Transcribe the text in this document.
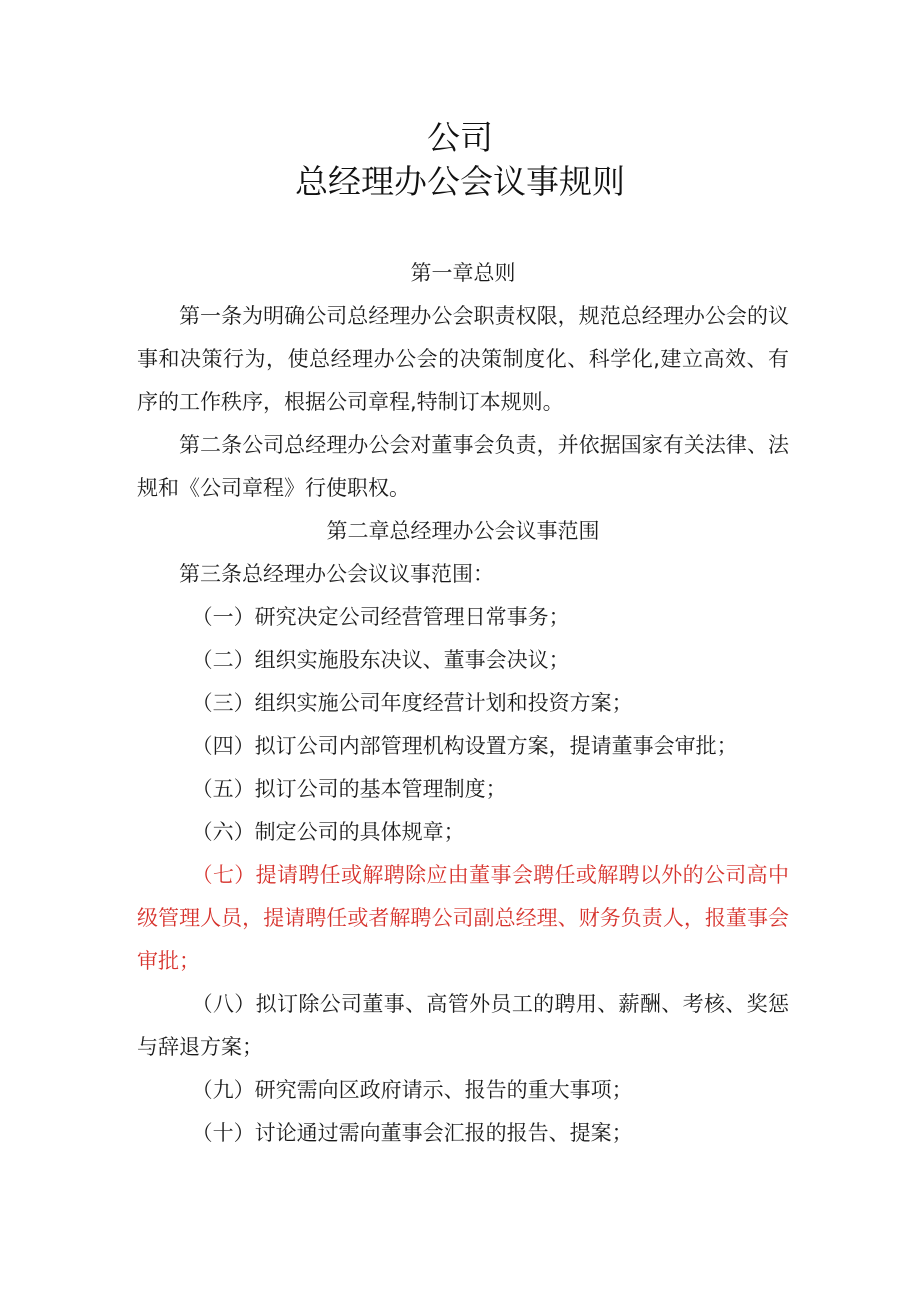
公司
总经理办公会议事规则
第一章总则
第一条为明确公司总经理办公会职责权限，规范总经理办公会的议事和决策行为，使总经理办公会的决策制度化、科学化,建立高效、有序的工作秩序，根据公司章程,特制订本规则。
第二条公司总经理办公会对董事会负责，并依据国家有关法律、法规和《公司章程》行使职权。
第二章总经理办公会议事范围
第三条总经理办公会议议事范围：
（一）研究决定公司经营管理日常事务；
（二）组织实施股东决议、董事会决议；
（三）组织实施公司年度经营计划和投资方案；
（四）拟订公司内部管理机构设置方案，提请董事会审批；
（五）拟订公司的基本管理制度；
（六）制定公司的具体规章；
（七）提请聘任或解聘除应由董事会聘任或解聘以外的公司高中级管理人员，提请聘任或者解聘公司副总经理、财务负责人，报董事会审批；
（八）拟订除公司董事、高管外员工的聘用、薪酬、考核、奖惩与辞退方案；
（九）研究需向区政府请示、报告的重大事项；
（十）讨论通过需向董事会汇报的报告、提案；
